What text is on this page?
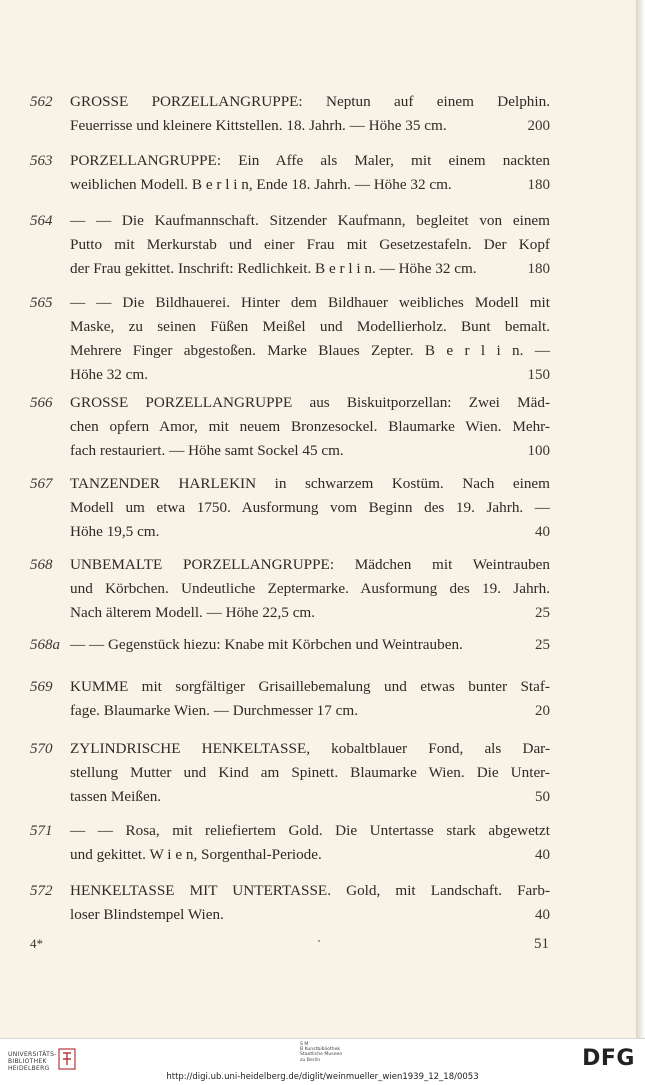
562 GROSSE PORZELLANGRUPPE: Neptun auf einem Delphin.
Feuerrisse und kleinere Kittstellen. 18. Jahrh. — Höhe 35 cm.	200
563 PORZELLANGRUPPE: Ein Affe als Maler, mit einem nackten
weiblichen Modell. B e r l i n, Ende 18. Jahrh. — Höhe 32 cm.	180
564 — — Die Kaufmannschaft. Sitzender Kaufmann, begleitet von einem
Putto mit Merkurstab und einer Frau mit Gesetzestafeln. Der Kopf
der Frau gekittet. Inschrift: Redlichkeit. B e r l i n. — Höhe 32 cm.	180
565 — — Die Bildhauerei. Hinter dem Bildhauer weibliches Modell mit
Maske, zu seinen Füßen Meißel und Modellierholz. Bunt bemalt.
Mehrere Finger abgestoßen. Marke Blaues Zepter. B e r l i n. —
Höhe 32 cm.	150
566 GROSSE PORZELLANGRUPPE aus Biskuitporzellan: Zwei Mäd-
chen opfern Amor, mit neuem Bronzesockel. Blaumarke Wien. Mehr-
fach restauriert. — Höhe samt Sockel 45 cm.	100
567 TANZENDER HARLEKIN in schwarzem Kostüm. Nach einem
Modell um etwa 1750. Ausformung vom Beginn des 19. Jahrh. —
Höhe 19,5 cm.	40
568 UNBEMALTE PORZELLANGRUPPE: Mädchen mit Weintrauben
und Körbchen. Undeutliche Zeptermarke. Ausformung des 19. Jahrh.
Nach älterem Modell. — Höhe 22,5 cm.	25
568a — — Gegenstück hiezu: Knabe mit Körbchen und Weintrauben.	25
569 KUMME mit sorgfältiger Grisaillebemalung und etwas bunter Staf-
fage. Blaumarke Wien. — Durchmesser 17 cm.	20
570 ZYLINDRISCHE HENKELTASSE, kobaltblauer Fond, als Dar-
stellung Mutter und Kind am Spinett. Blaumarke Wien. Die Unter-
tassen Meißen.	50
571 — — Rosa, mit reliefiertem Gold. Die Untertasse stark abgewetzt
und gekittet. W i e n, Sorgenthal-Periode.	40
572 HENKELTASSE MIT UNTERTASSE. Gold, mit Landschaft. Farb-
loser Blindstempel Wien.	40
4*	51
UNIVERSITÄTS-
BIBLIOTHEK
HEIDELBERG
S M
B Kunstbibliothek
Staatliche Museen
zu Berlin	DFG
http://digi.ub.uni-heidelberg.de/diglit/weinmueller_wien1939_12_18/0053
